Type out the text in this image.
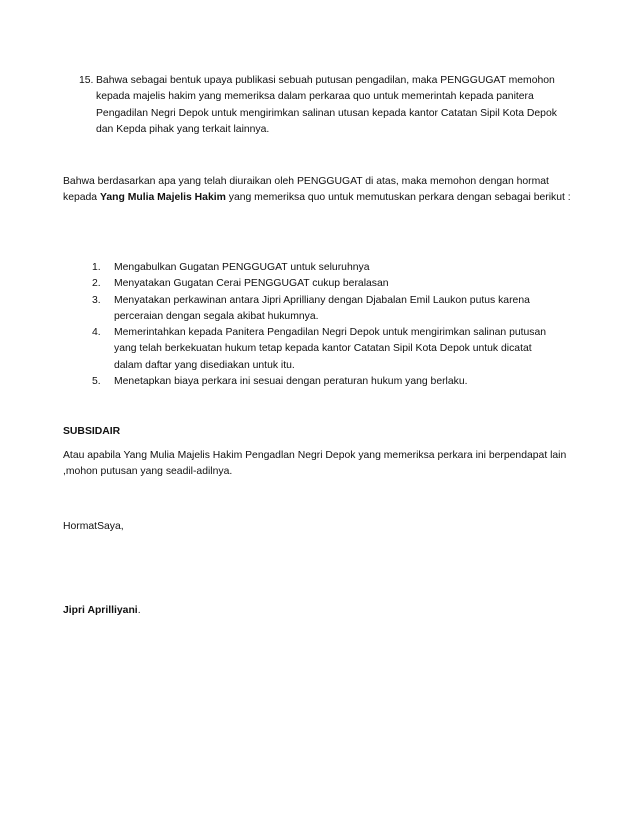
15. Bahwa sebagai bentuk upaya publikasi sebuah putusan pengadilan, maka PENGGUGAT memohon kepada majelis hakim yang memeriksa dalam perkaraa quo untuk memerintah kepada panitera Pengadilan Negri Depok untuk mengirimkan salinan utusan kepada kantor Catatan Sipil Kota Depok dan Kepda pihak yang terkait lainnya.
Bahwa berdasarkan apa yang telah diuraikan oleh PENGGUGAT di atas, maka memohon dengan hormat kepada Yang Mulia Majelis Hakim yang memeriksa quo untuk memutuskan perkara dengan sebagai berikut :
1. Mengabulkan Gugatan PENGGUGAT untuk seluruhnya
2. Menyatakan Gugatan Cerai PENGGUGAT cukup beralasan
3. Menyatakan perkawinan antara Jipri Aprilliany dengan Djabalan Emil Laukon putus karena perceraian dengan segala akibat hukumnya.
4. Memerintahkan kepada Panitera Pengadilan Negri Depok untuk mengirimkan salinan putusan yang telah berkekuatan hukum tetap kepada kantor Catatan Sipil Kota Depok untuk dicatat dalam daftar yang disediakan untuk itu.
5. Menetapkan biaya perkara ini sesuai dengan peraturan hukum yang berlaku.
SUBSIDAIR
Atau apabila Yang Mulia Majelis Hakim Pengadlan Negri Depok yang memeriksa perkara ini berpendapat lain ,mohon putusan yang seadil-adilnya.
HormatSaya,
Jipri Aprilliyani.
